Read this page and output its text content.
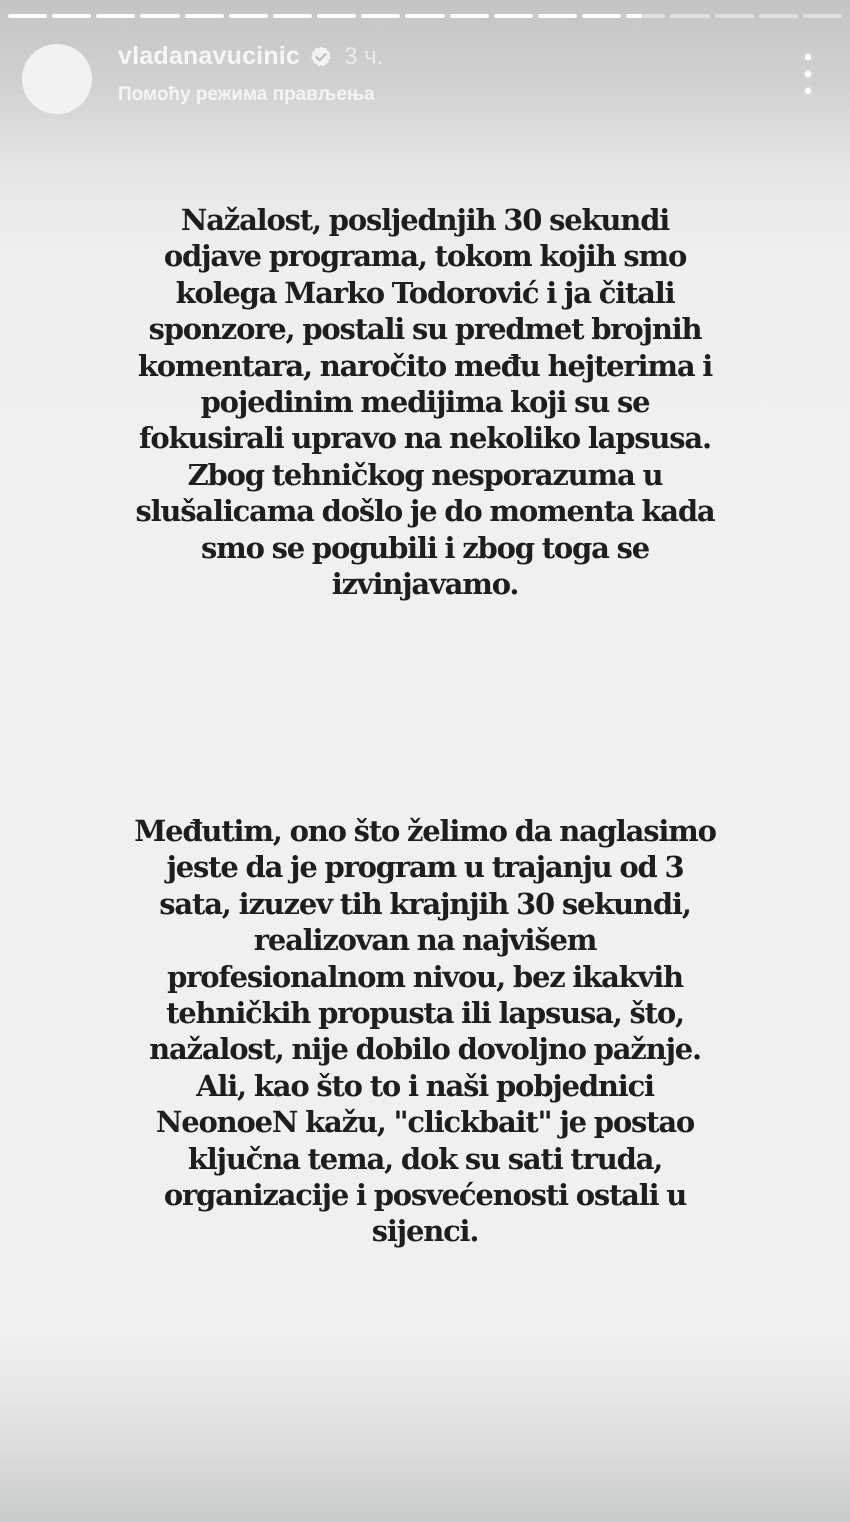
vladanavucinic 3 ч.
Помоћу режима прављења
Nažalost, posljednjih 30 sekundi
odjave programa, tokom kojih smo
kolega Marko Todorović i ja čitali
sponzore, postali su predmet brojnih
komentara, naročito među hejterima i
pojedinim medijima koji su se
fokusirali upravo na nekoliko lapsusa.
Zbog tehničkog nesporazuma u
slušalicama došlo je do momenta kada
smo se pogubili i zbog toga se
izvinjavamo.
Međutim, ono što želimo da naglasimo
jeste da je program u trajanju od 3
sata, izuzev tih krajnjih 30 sekundi,
realizovan na najvišem
profesionalnom nivou, bez ikakvih
tehničkih propusta ili lapsusa, što,
nažalost, nije dobilo dovoljno pažnje.
Ali, kao što to i naši pobjednici
NeonoeN kažu, "clickbait" je postao
ključna tema, dok su sati truda,
organizacije i posvećenosti ostali u
sijenci.
